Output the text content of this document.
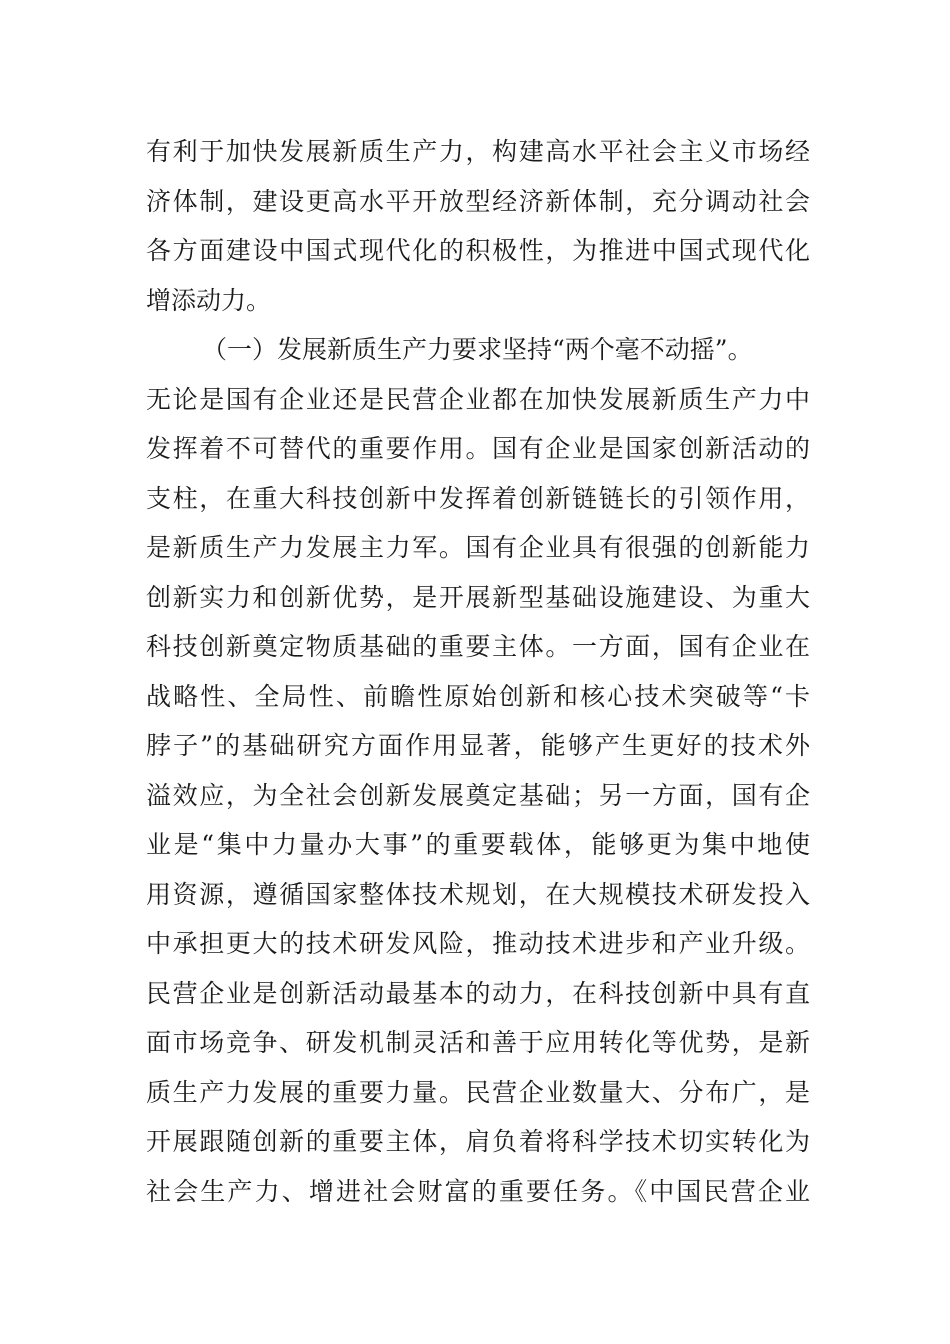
有利于加快发展新质生产力，构建高水平社会主义市场经
济体制，建设更高水平开放型经济新体制，充分调动社会
各方面建设中国式现代化的积极性，为推进中国式现代化
增添动力。
（一）发展新质生产力要求坚持“两个毫不动摇”。
无论是国有企业还是民营企业都在加快发展新质生产力中
发挥着不可替代的重要作用。国有企业是国家创新活动的
支柱，在重大科技创新中发挥着创新链链长的引领作用，
是新质生产力发展主力军。国有企业具有很强的创新能力
创新实力和创新优势，是开展新型基础设施建设、为重大
科技创新奠定物质基础的重要主体。一方面，国有企业在
战略性、全局性、前瞻性原始创新和核心技术突破等“卡
脖子”的基础研究方面作用显著，能够产生更好的技术外
溢效应，为全社会创新发展奠定基础；另一方面，国有企
业是“集中力量办大事”的重要载体，能够更为集中地使
用资源，遵循国家整体技术规划，在大规模技术研发投入
中承担更大的技术研发风险，推动技术进步和产业升级。
民营企业是创新活动最基本的动力，在科技创新中具有直
面市场竞争、研发机制灵活和善于应用转化等优势，是新
质生产力发展的重要力量。民营企业数量大、分布广，是
开展跟随创新的重要主体，肩负着将科学技术切实转化为
社会生产力、增进社会财富的重要任务。《中国民营企业
